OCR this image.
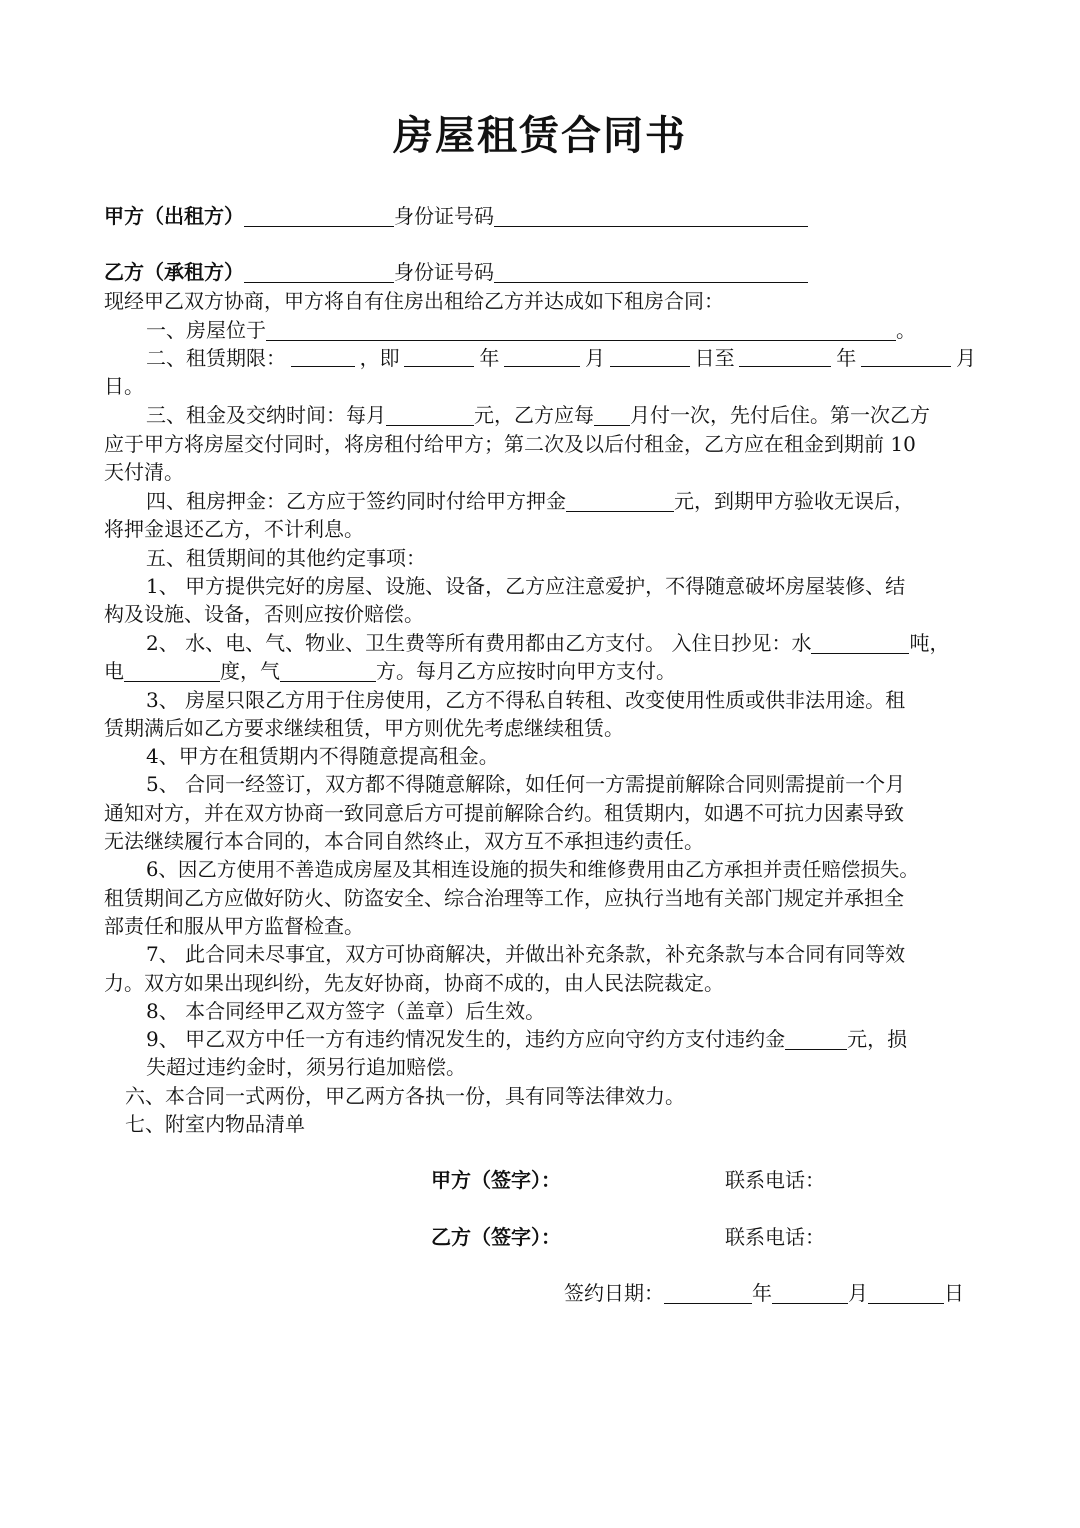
房屋租赁合同书
甲方（出租方）	身份证号码
乙方（承租方）	身份证号码
现经甲乙双方协商，甲方将自有住房出租给乙方并达成如下租房合同：
一、房屋位于	。
二、租赁期限：	，即	年	月	日至	年	月
日。
三、租金及交纳时间：每月	元，乙方应每 月付一次，先付后住。第一次乙方
应于甲方将房屋交付同时，将房租付给甲方；第二次及以后付租金，乙方应在租金到期前 10
天付清。
四、租房押金：乙方应于签约同时付给甲方押金	元，到期甲方验收无误后，
将押金退还乙方，不计利息。
五、租赁期间的其他约定事项：
1、 甲方提供完好的房屋、设施、设备，乙方应注意爱护，不得随意破坏房屋装修、结
构及设施、设备，否则应按价赔偿。
2、 水、电、气、物业、卫生费等所有费用都由乙方支付。 入住日抄见：水	吨，
电	度，气	方。每月乙方应按时向甲方支付。
3、 房屋只限乙方用于住房使用，乙方不得私自转租、改变使用性质或供非法用途。租
赁期满后如乙方要求继续租赁，甲方则优先考虑继续租赁。
4、甲方在租赁期内不得随意提高租金。
5、 合同一经签订，双方都不得随意解除，如任何一方需提前解除合同则需提前一个月
通知对方，并在双方协商一致同意后方可提前解除合约。租赁期内，如遇不可抗力因素导致
无法继续履行本合同的，本合同自然终止，双方互不承担违约责任。
6、因乙方使用不善造成房屋及其相连设施的损失和维修费用由乙方承担并责任赔偿损失。
租赁期间乙方应做好防火、防盗安全、综合治理等工作，应执行当地有关部门规定并承担全
部责任和服从甲方监督检查。
7、 此合同未尽事宜，双方可协商解决，并做出补充条款，补充条款与本合同有同等效
力。双方如果出现纠纷，先友好协商，协商不成的，由人民法院裁定。
8、 本合同经甲乙双方签字（盖章）后生效。
9、 甲乙双方中任一方有违约情况发生的，违约方应向守约方支付违约金	元，损
失超过违约金时，须另行追加赔偿。
六、本合同一式两份，甲乙两方各执一份，具有同等法律效力。
七、附室内物品清单
甲方（签字）：	联系电话：
乙方（签字）：	联系电话：
签约日期：	年	月	日
